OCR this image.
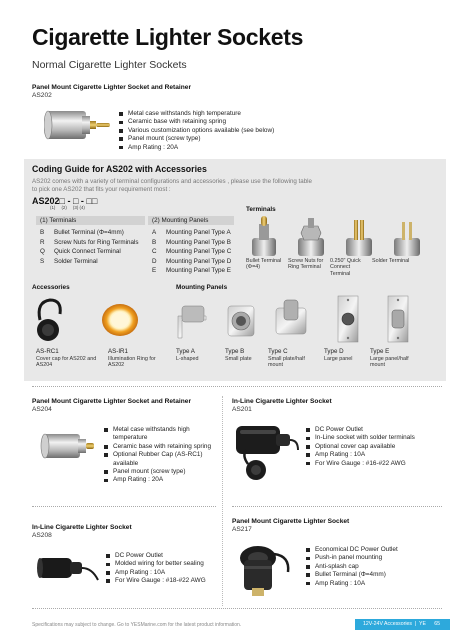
Cigarette Lighter Sockets
Normal Cigarette Lighter Sockets
Panel Mount Cigarette Lighter Socket and Retainer
AS202
Metal case withstands high temperature
Ceramic base with retaining spring
Various customization options available (see below)
Panel mount (screw type)
Amp Rating : 20A
Coding Guide for AS202 with Accessories
AS202 comes with a variety of terminal configurations and accessories , please use the following table to pick one AS202 that fits your requirement most :
AS202□ - □ - □□
(1)     (2)     (3) (4)
(1) Terminals
B Bullet Terminal (Φ=4mm)
R Screw Nuts for Ring Terminals
Q Quick Connect Terminal
S Solder Terminal
(2) Mounting Panels
A Mounting Panel Type A
B Mounting Panel Type B
C Mounting Panel Type C
D Mounting Panel Type D
E Mounting Panel Type E
Terminals
Bullet Terminal (Φ=4)
Screw Nuts for Ring Terminal
0.250" Quick Connect Terminal
Solder Terminal
Accessories	Mounting Panels
AS-RC1
Cover cap for AS202 and AS204
AS-IR1
Illumination Ring for AS202
Type A
L-shaped
Type B
Small plate
Type C
Small plate/half mount
Type D
Large panel
Type E
Large panel/half mount
Panel Mount Cigarette Lighter Socket and Retainer
AS204
Metal case withstands high temperature
Ceramic base with retaining spring
Optional Rubber Cap (AS-RC1) available
Panel mount (screw type)
Amp Rating : 20A
In-Line Cigarette Lighter Socket
AS201
DC Power Outlet
In-Line socket with solder terminals
Optional cover cap available
Amp Rating : 10A
For Wire Gauge : #16-#22 AWG
In-Line Cigarette Lighter Socket
AS208
DC Power Outlet
Molded wiring for better sealing
Amp Rating : 10A
For Wire Gauge : #18-#22 AWG
Panel Mount Cigarette Lighter Socket
AS217
Economical DC Power Outlet
Push-in panel mounting
Anti-splash cap
Bullet Terminal (Φ=4mm)
Amp Rating : 10A
Specifications may subject to change. Go to YESMarine.com for the latest product information.	12V-24V Accessories  |  YE 65
